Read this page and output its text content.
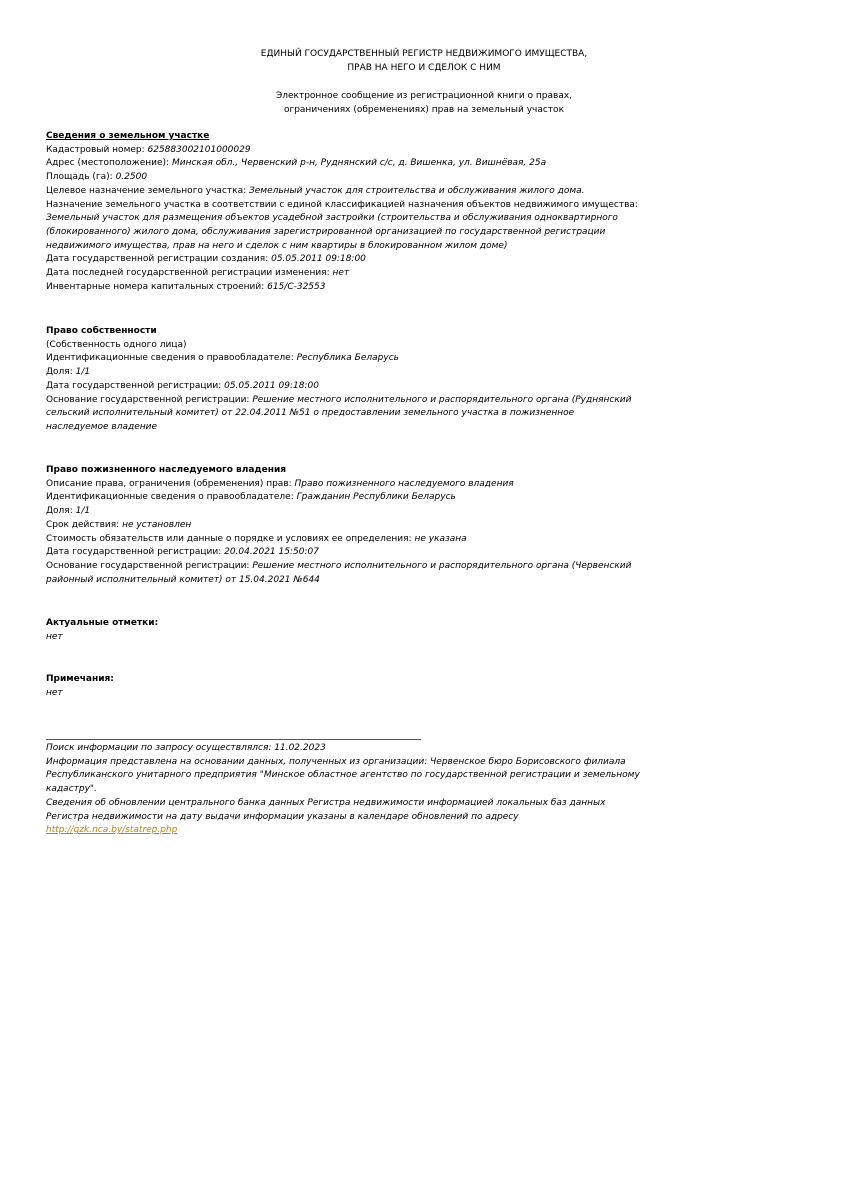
ЕДИНЫЙ ГОСУДАРСТВЕННЫЙ РЕГИСТР НЕДВИЖИМОГО ИМУЩЕСТВА,
ПРАВ НА НЕГО И СДЕЛОК С НИМ
Электронное сообщение из регистрационной книги о правах,
ограничениях (обременениях) прав на земельный участок
Сведения о земельном участке
Кадастровый номер: 625883002101000029
Адрес (местоположение): Минская обл., Червенский р-н, Руднянский с/с, д. Вишенка, ул. Вишнёвая, 25а
Площадь (га): 0.2500
Целевое назначение земельного участка: Земельный участок для строительства и обслуживания жилого дома.
Назначение земельного участка в соответствии с единой классификацией назначения объектов недвижимого имущества:
Земельный участок для размещения объектов усадебной застройки (строительства и обслуживания одноквартирного
(блокированного) жилого дома, обслуживания зарегистрированной организацией по государственной регистрации
недвижимого имущества, прав на него и сделок с ним квартиры в блокированном жилом доме)
Дата государственной регистрации создания: 05.05.2011 09:18:00
Дата последней государственной регистрации изменения: нет
Инвентарные номера капитальных строений: 615/C-32553
Право собственности
(Собственность одного лица)
Идентификационные сведения о правообладателе: Республика Беларусь
Доля: 1/1
Дата государственной регистрации: 05.05.2011 09:18:00
Основание государственной регистрации: Решение местного исполнительного и распорядительного органа (Руднянский
сельский исполнительный комитет) от 22.04.2011 №51 о предоставлении земельного участка в пожизненное
наследуемое владение
Право пожизненного наследуемого владения
Описание права, ограничения (обременения) прав: Право пожизненного наследуемого владения
Идентификационные сведения о правообладателе: Гражданин Республики Беларусь
Доля: 1/1
Срок действия: не установлен
Стоимость обязательств или данные о порядке и условиях ее определения: не указана
Дата государственной регистрации: 20.04.2021 15:50:07
Основание государственной регистрации: Решение местного исполнительного и распорядительного органа (Червенский
районный исполнительный комитет) от 15.04.2021 №644
Актуальные отметки:
нет
Примечания:
нет
Поиск информации по запросу осуществлялся: 11.02.2023
Информация представлена на основании данных, полученных из организации: Червенское бюро Борисовского филиала
Республиканского унитарного предприятия "Минское областное агентство по государственной регистрации и земельному
кадастру".
Сведения об обновлении центрального банка данных Регистра недвижимости информацией локальных баз данных
Регистра недвижимости на дату выдачи информации указаны в календаре обновлений по адресу
http://gzk.nca.by/statrep.php
